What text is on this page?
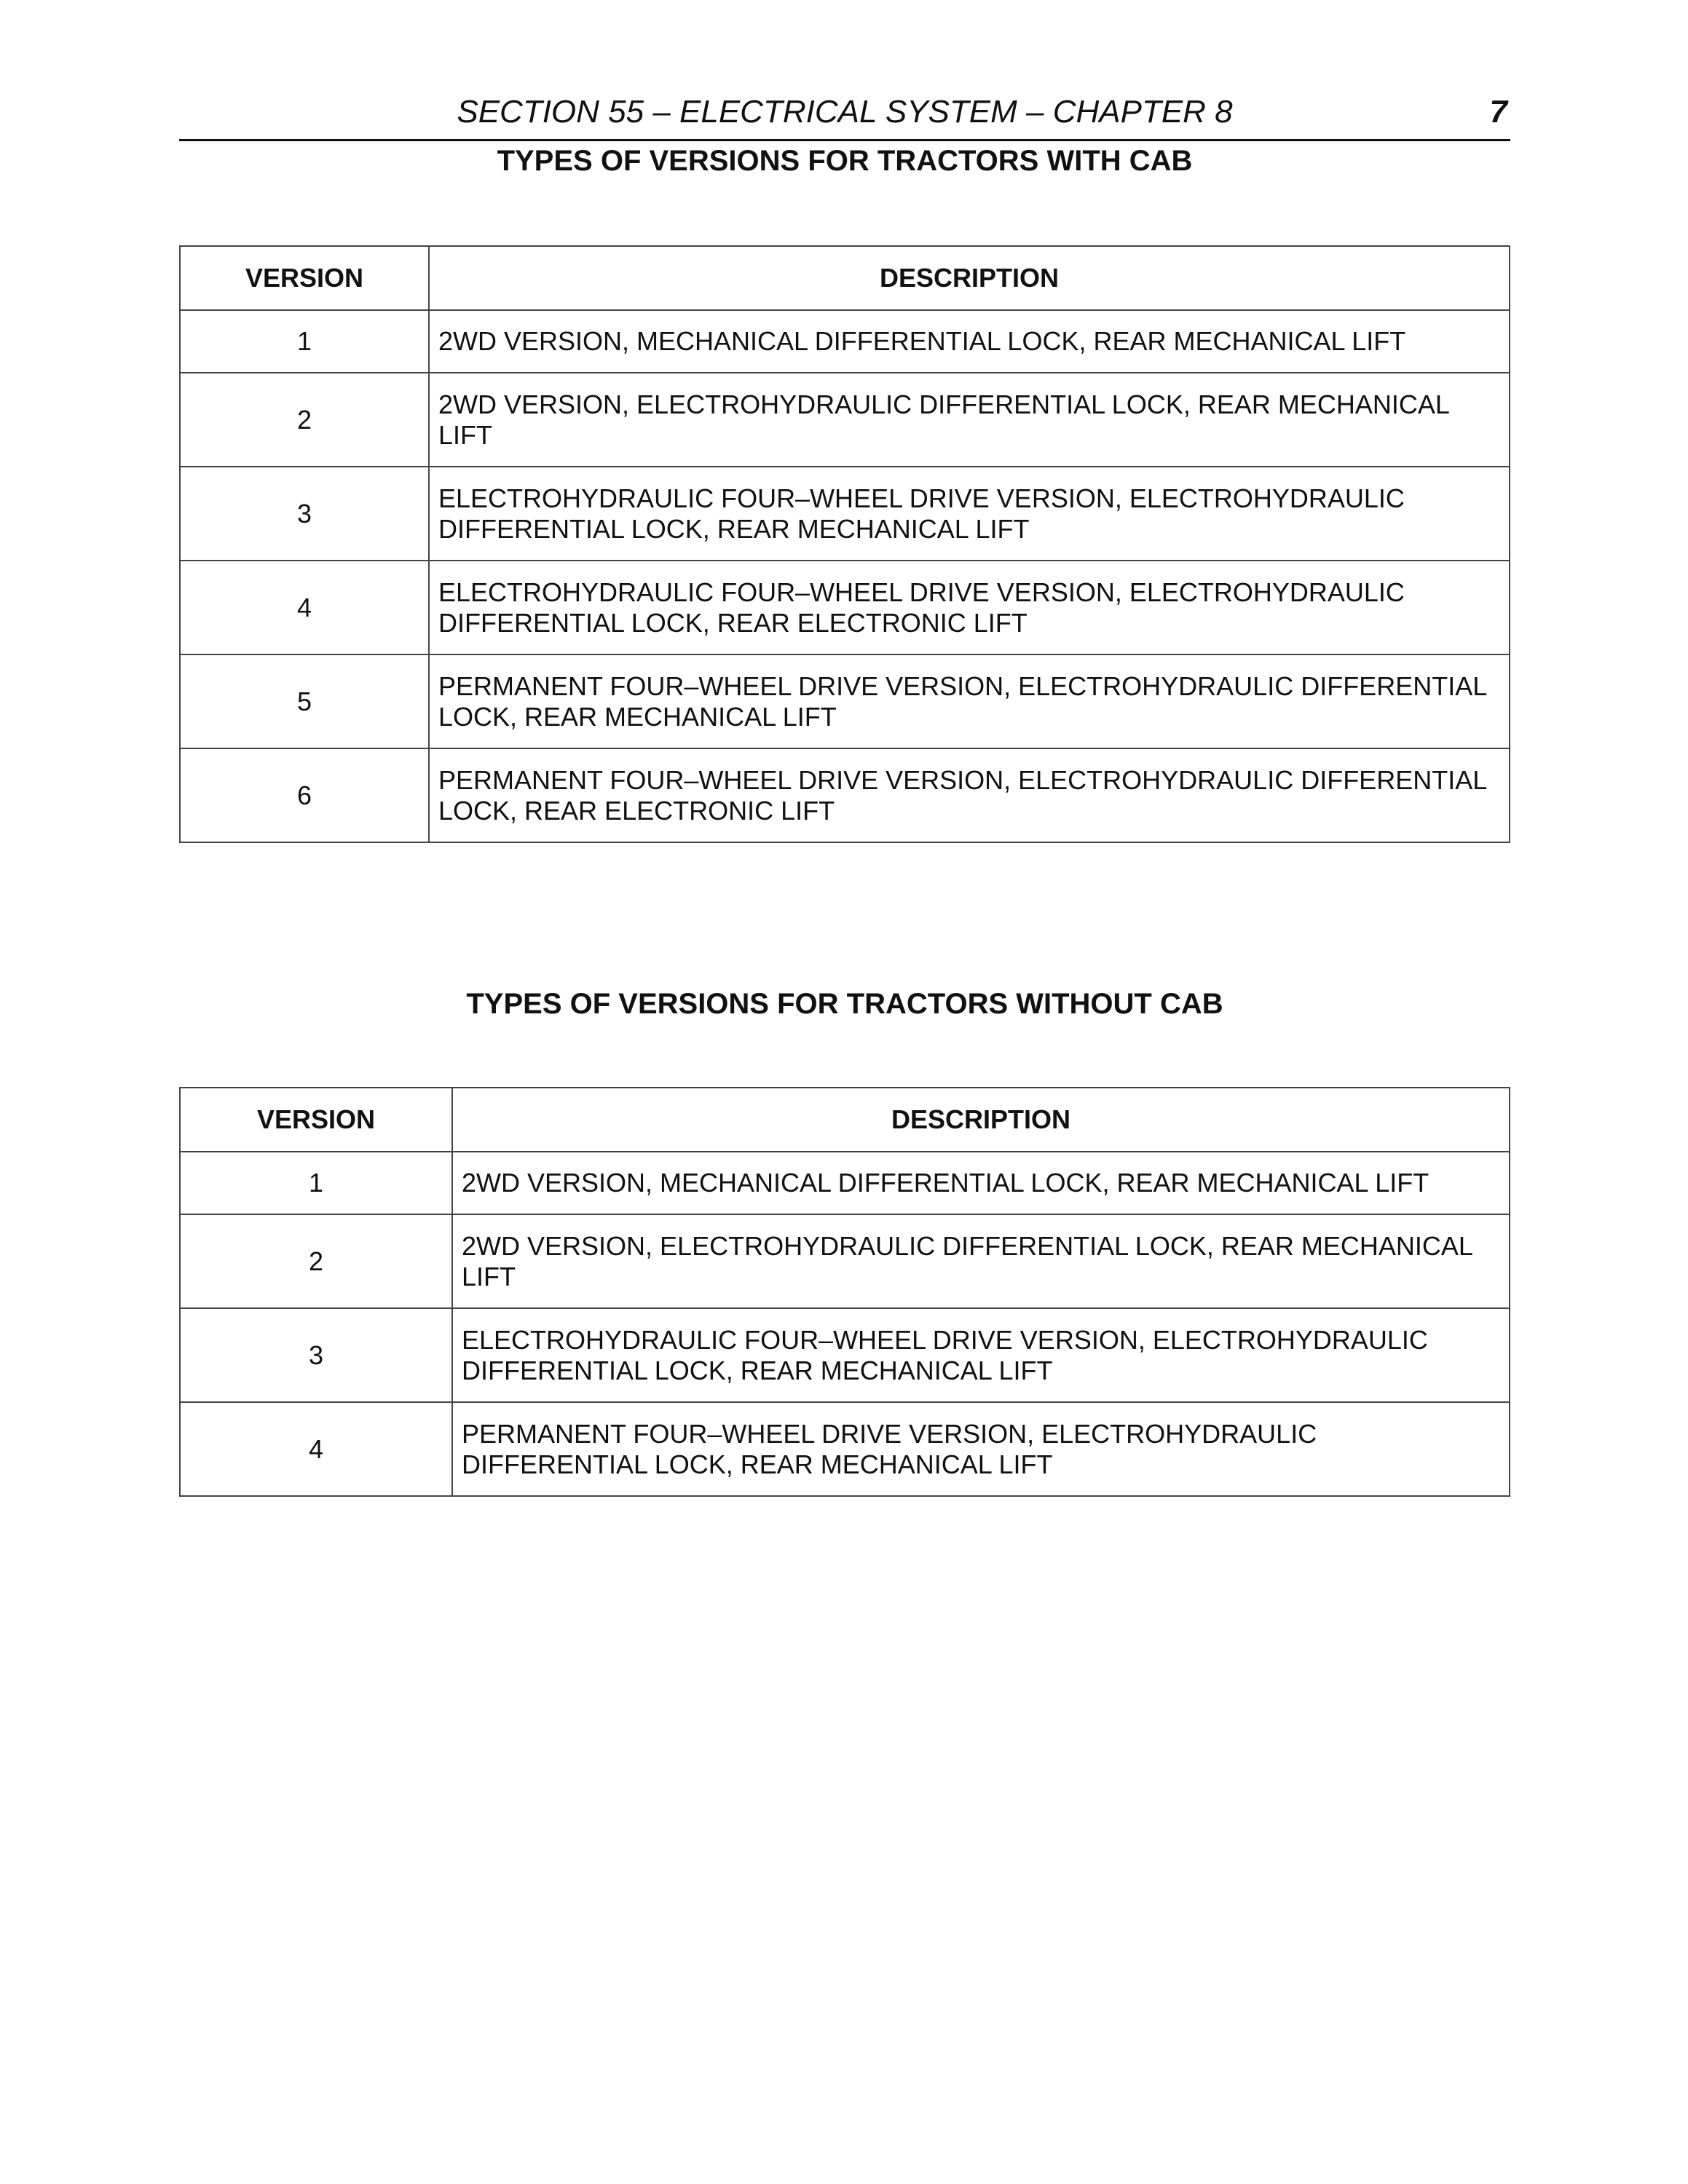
SECTION 55 – ELECTRICAL SYSTEM – CHAPTER 8	7
TYPES OF VERSIONS FOR TRACTORS WITH CAB
VERSION	DESCRIPTION
1	2WD VERSION, MECHANICAL DIFFERENTIAL LOCK, REAR MECHANICAL LIFT
2	2WD VERSION, ELECTROHYDRAULIC DIFFERENTIAL LOCK, REAR MECHANICAL LIFT
3	ELECTROHYDRAULIC FOUR–WHEEL DRIVE VERSION, ELECTROHYDRAULIC DIFFERENTIAL LOCK, REAR MECHANICAL LIFT
4	ELECTROHYDRAULIC FOUR–WHEEL DRIVE VERSION, ELECTROHYDRAULIC DIFFERENTIAL LOCK, REAR ELECTRONIC LIFT
5	PERMANENT FOUR–WHEEL DRIVE VERSION, ELECTROHYDRAULIC DIFFERENTIAL LOCK, REAR MECHANICAL LIFT
6	PERMANENT FOUR–WHEEL DRIVE VERSION, ELECTROHYDRAULIC DIFFERENTIAL LOCK, REAR ELECTRONIC LIFT
TYPES OF VERSIONS FOR TRACTORS WITHOUT CAB
VERSION	DESCRIPTION
1	2WD VERSION, MECHANICAL DIFFERENTIAL LOCK, REAR MECHANICAL LIFT
2	2WD VERSION, ELECTROHYDRAULIC DIFFERENTIAL LOCK, REAR MECHANICAL LIFT
3	ELECTROHYDRAULIC FOUR–WHEEL DRIVE VERSION, ELECTROHYDRAULIC DIFFERENTIAL LOCK, REAR MECHANICAL LIFT
4	PERMANENT FOUR–WHEEL DRIVE VERSION, ELECTROHYDRAULIC DIFFERENTIAL LOCK, REAR MECHANICAL LIFT
